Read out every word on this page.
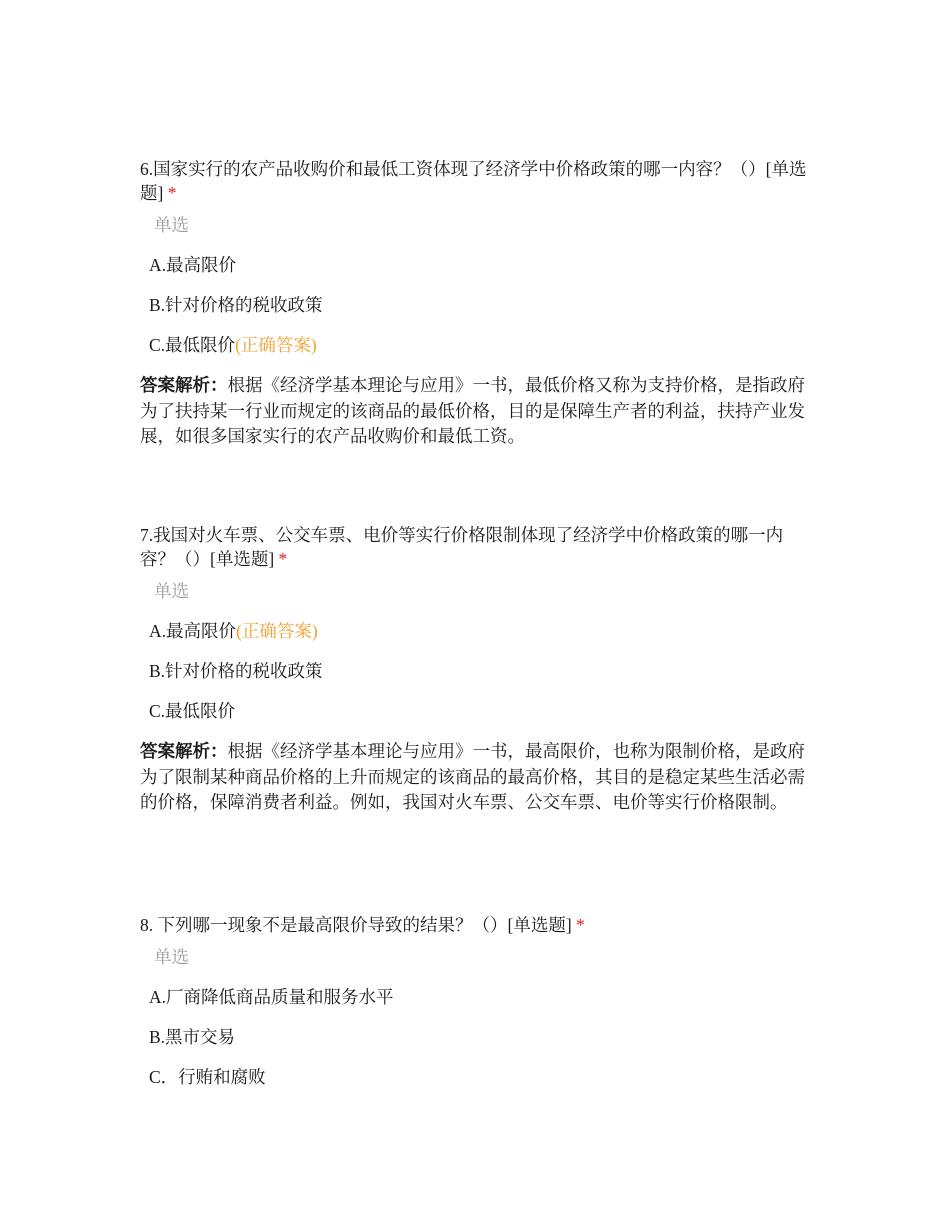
6.国家实行的农产品收购价和最低工资体现了经济学中价格政策的哪一内容？（）[单选题] *

单选
A.最高限价
B.针对价格的税收政策
C.最低限价(正确答案)

答案解析：根据《经济学基本理论与应用》一书，最低价格又称为支持价格，是指政府为了扶持某一行业而规定的该商品的最低价格，目的是保障生产者的利益，扶持产业发展，如很多国家实行的农产品收购价和最低工资。

7.我国对火车票、公交车票、电价等实行价格限制体现了经济学中价格政策的哪一内容？（）[单选题] *

单选
A.最高限价(正确答案)
B.针对价格的税收政策
C.最低限价

答案解析：根据《经济学基本理论与应用》一书，最高限价，也称为限制价格，是政府为了限制某种商品价格的上升而规定的该商品的最高价格，其目的是稳定某些生活必需的价格，保障消费者利益。例如，我国对火车票、公交车票、电价等实行价格限制。

8. 下列哪一现象不是最高限价导致的结果？（）[单选题] *

单选
A.厂商降低商品质量和服务水平
B.黑市交易
C．行贿和腐败
